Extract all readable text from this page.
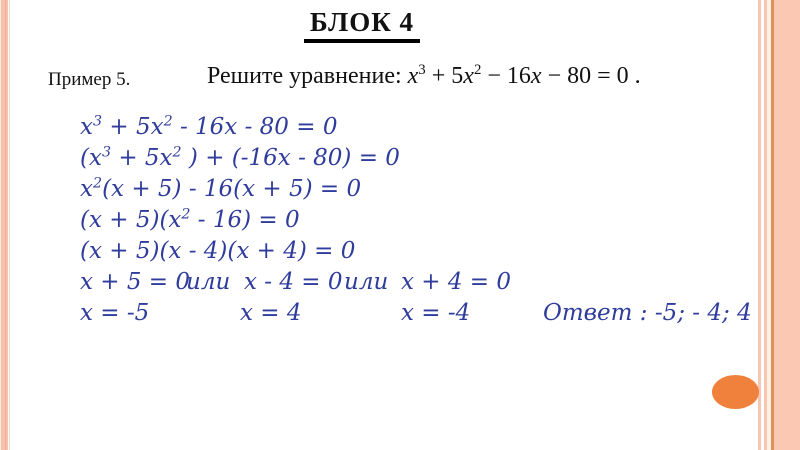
БЛОК 4
Пример 5.	Решите уравнение: $x^3 + 5x^2 - 16x - 80 = 0$ .
$x^3 + 5x^2 - 16x - 80 = 0$
($x^3 + 5x^2$ ) + (-16x - 80) = 0
$x^2(x + 5) - 16(x + 5) = 0$
$(x + 5)(x^2 - 16) = 0$
(x + 5)(x - 4)(x + 4) = 0
x + 5 = 0
или x - 4 = 0 или x + 4 = 0
x = -5	x = 4	x = -4	Ответ : -5; - 4; 4
